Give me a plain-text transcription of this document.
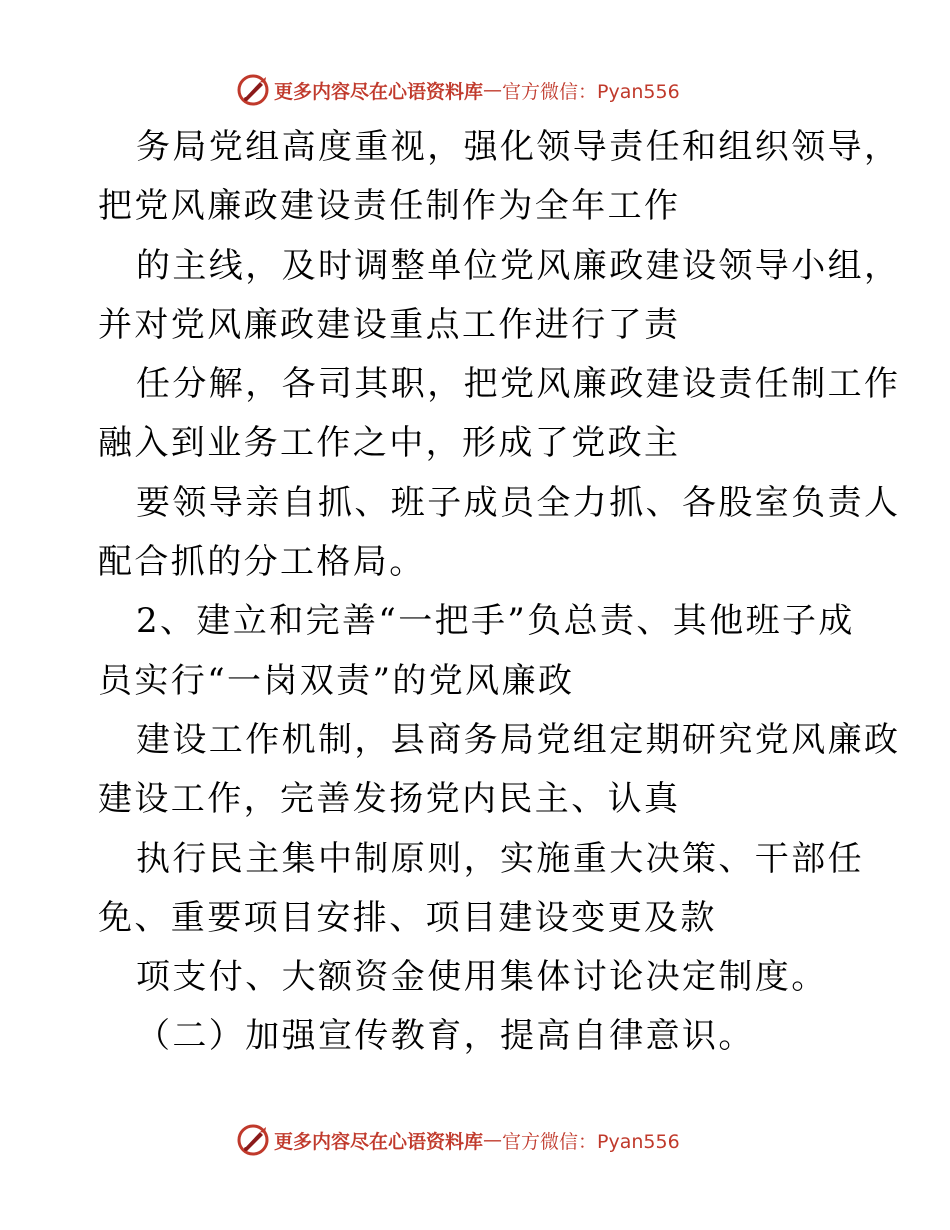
更多内容尽在心语资料库 — 官方微信：Pyan556
务局党组高度重视，强化领导责任和组织领导，
把党风廉政建设责任制作为全年工作
的主线，及时调整单位党风廉政建设领导小组，
并对党风廉政建设重点工作进行了责
任分解，各司其职，把党风廉政建设责任制工作
融入到业务工作之中，形成了党政主
要领导亲自抓、班子成员全力抓、各股室负责人
配合抓的分工格局。
2、建立和完善“一把手”负总责、其他班子成
员实行“一岗双责”的党风廉政
建设工作机制，县商务局党组定期研究党风廉政
建设工作，完善发扬党内民主、认真
执行民主集中制原则，实施重大决策、干部任
免、重要项目安排、项目建设变更及款
项支付、大额资金使用集体讨论决定制度。
（二）加强宣传教育，提高自律意识。
更多内容尽在心语资料库 — 官方微信：Pyan556
